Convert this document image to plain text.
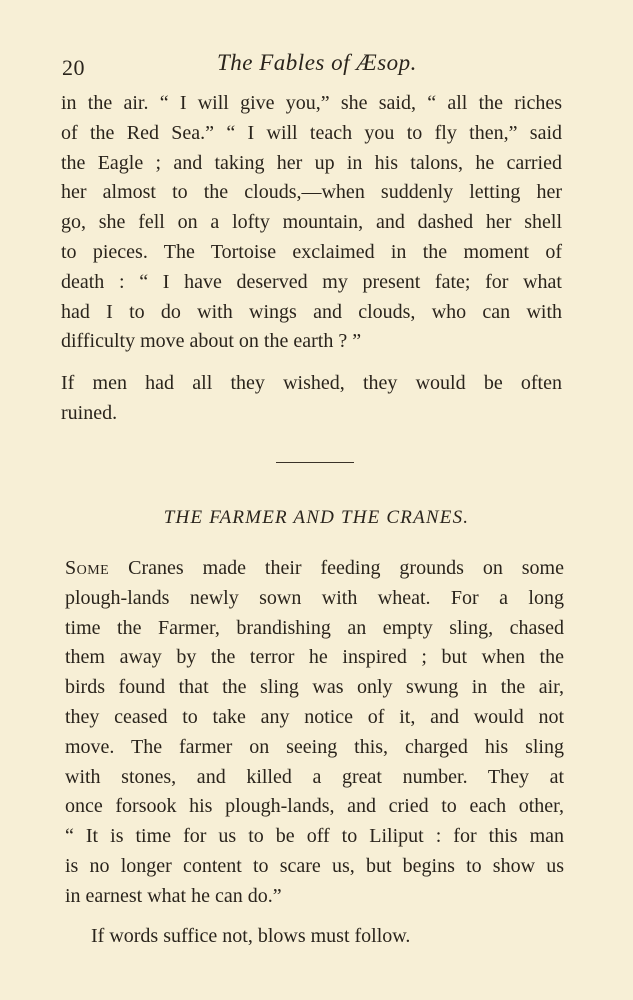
20	The Fables of Æsop.
in the air. “ I will give you,” she said, “ all the riches
of the Red Sea.” “ I will teach you to fly then,” said
the Eagle ; and taking her up in his talons, he carried
her almost to the clouds,—when suddenly letting her
go, she fell on a lofty mountain, and dashed her shell
to pieces. The Tortoise exclaimed in the moment of
death : “ I have deserved my present fate; for what
had I to do with wings and clouds, who can with
difficulty move about on the earth ? ”
If men had all they wished, they would be often
ruined.
THE FARMER AND THE CRANES.
Some Cranes made their feeding grounds on some
plough-lands newly sown with wheat. For a long
time the Farmer, brandishing an empty sling, chased
them away by the terror he inspired ; but when the
birds found that the sling was only swung in the air,
they ceased to take any notice of it, and would not
move. The farmer on seeing this, charged his sling
with stones, and killed a great number. They at
once forsook his plough-lands, and cried to each other,
“ It is time for us to be off to Liliput : for this man
is no longer content to scare us, but begins to show us
in earnest what he can do.”
If words suffice not, blows must follow.
